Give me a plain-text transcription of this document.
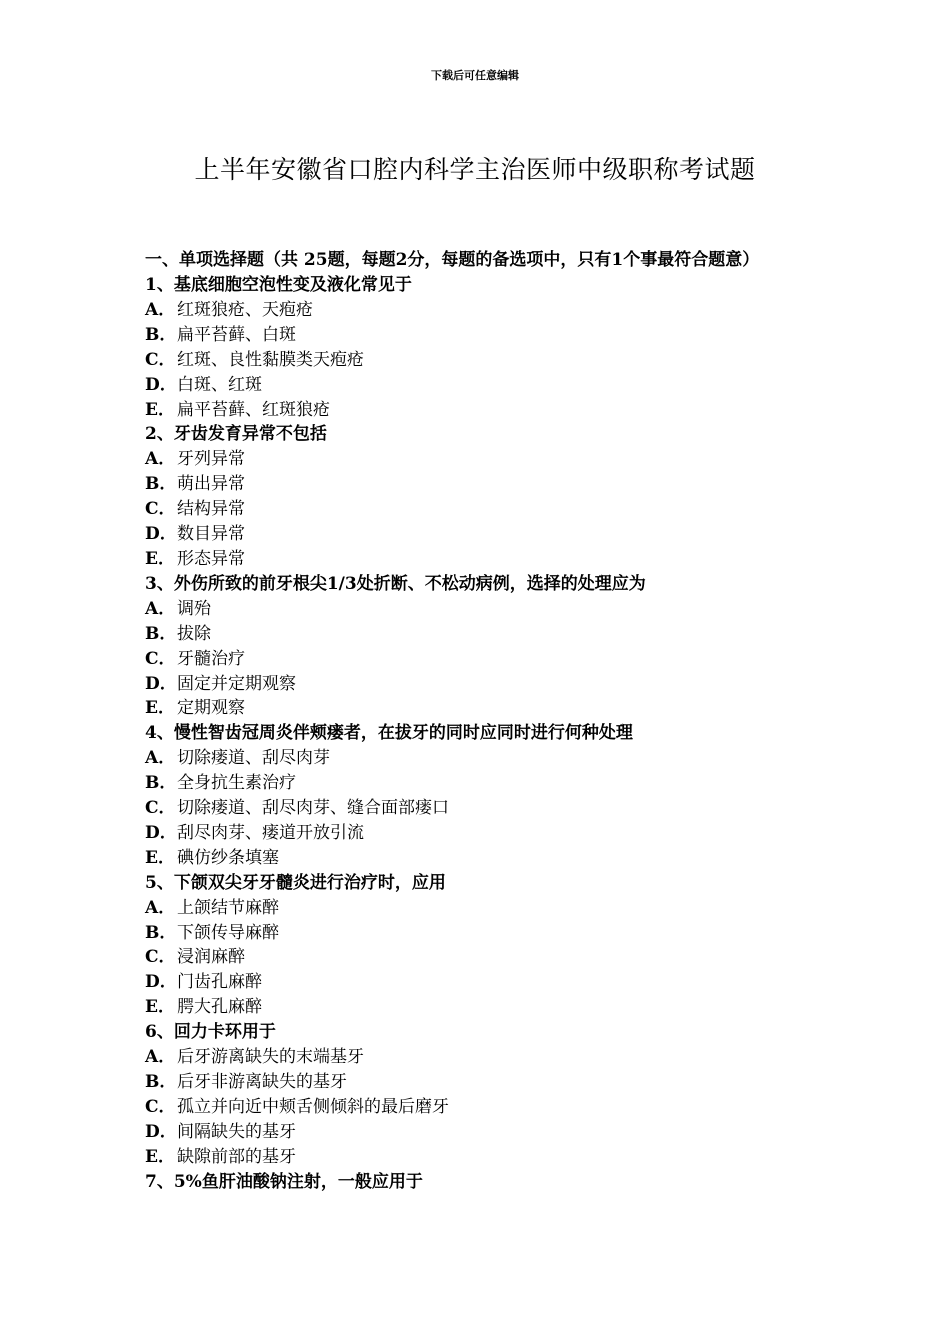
下载后可任意编辑
上半年安徽省口腔内科学主治医师中级职称考试题

一、单项选择题（共 25题，每题2分，每题的备选项中，只有1个事最符合题意）

1、基底细胞空泡性变及液化常见于

A． 红斑狼疮、天疱疮

B．扁平苔藓、白斑

C．红斑、良性黏膜类天疱疮

D．白斑、红斑

E． 扁平苔藓、红斑狼疮

2、牙齿发育异常不包括

A． 牙列异常

B．萌出异常

C．结构异常

D．数目异常

E． 形态异常

3、外伤所致的前牙根尖1/3处折断、不松动病例，选择的处理应为

A． 调殆

B．拔除

C．牙髓治疗

D．固定并定期观察

E． 定期观察

4、慢性智齿冠周炎伴颊瘘者，在拔牙的同时应同时进行何种处理

A． 切除瘘道、刮尽肉芽

B．全身抗生素治疗

C．切除瘘道、刮尽肉芽、缝合面部瘘口

D．刮尽肉芽、瘘道开放引流

E． 碘仿纱条填塞

5、下颌双尖牙牙髓炎进行治疗时，应用

A． 上颌结节麻醉

B．下颌传导麻醉

C．浸润麻醉

D．门齿孔麻醉

E． 腭大孔麻醉

6、回力卡环用于

A． 后牙游离缺失的末端基牙

B．后牙非游离缺失的基牙

C．孤立并向近中颊舌侧倾斜的最后磨牙

D．间隔缺失的基牙

E． 缺隙前部的基牙

7、5%鱼肝油酸钠注射，一般应用于
